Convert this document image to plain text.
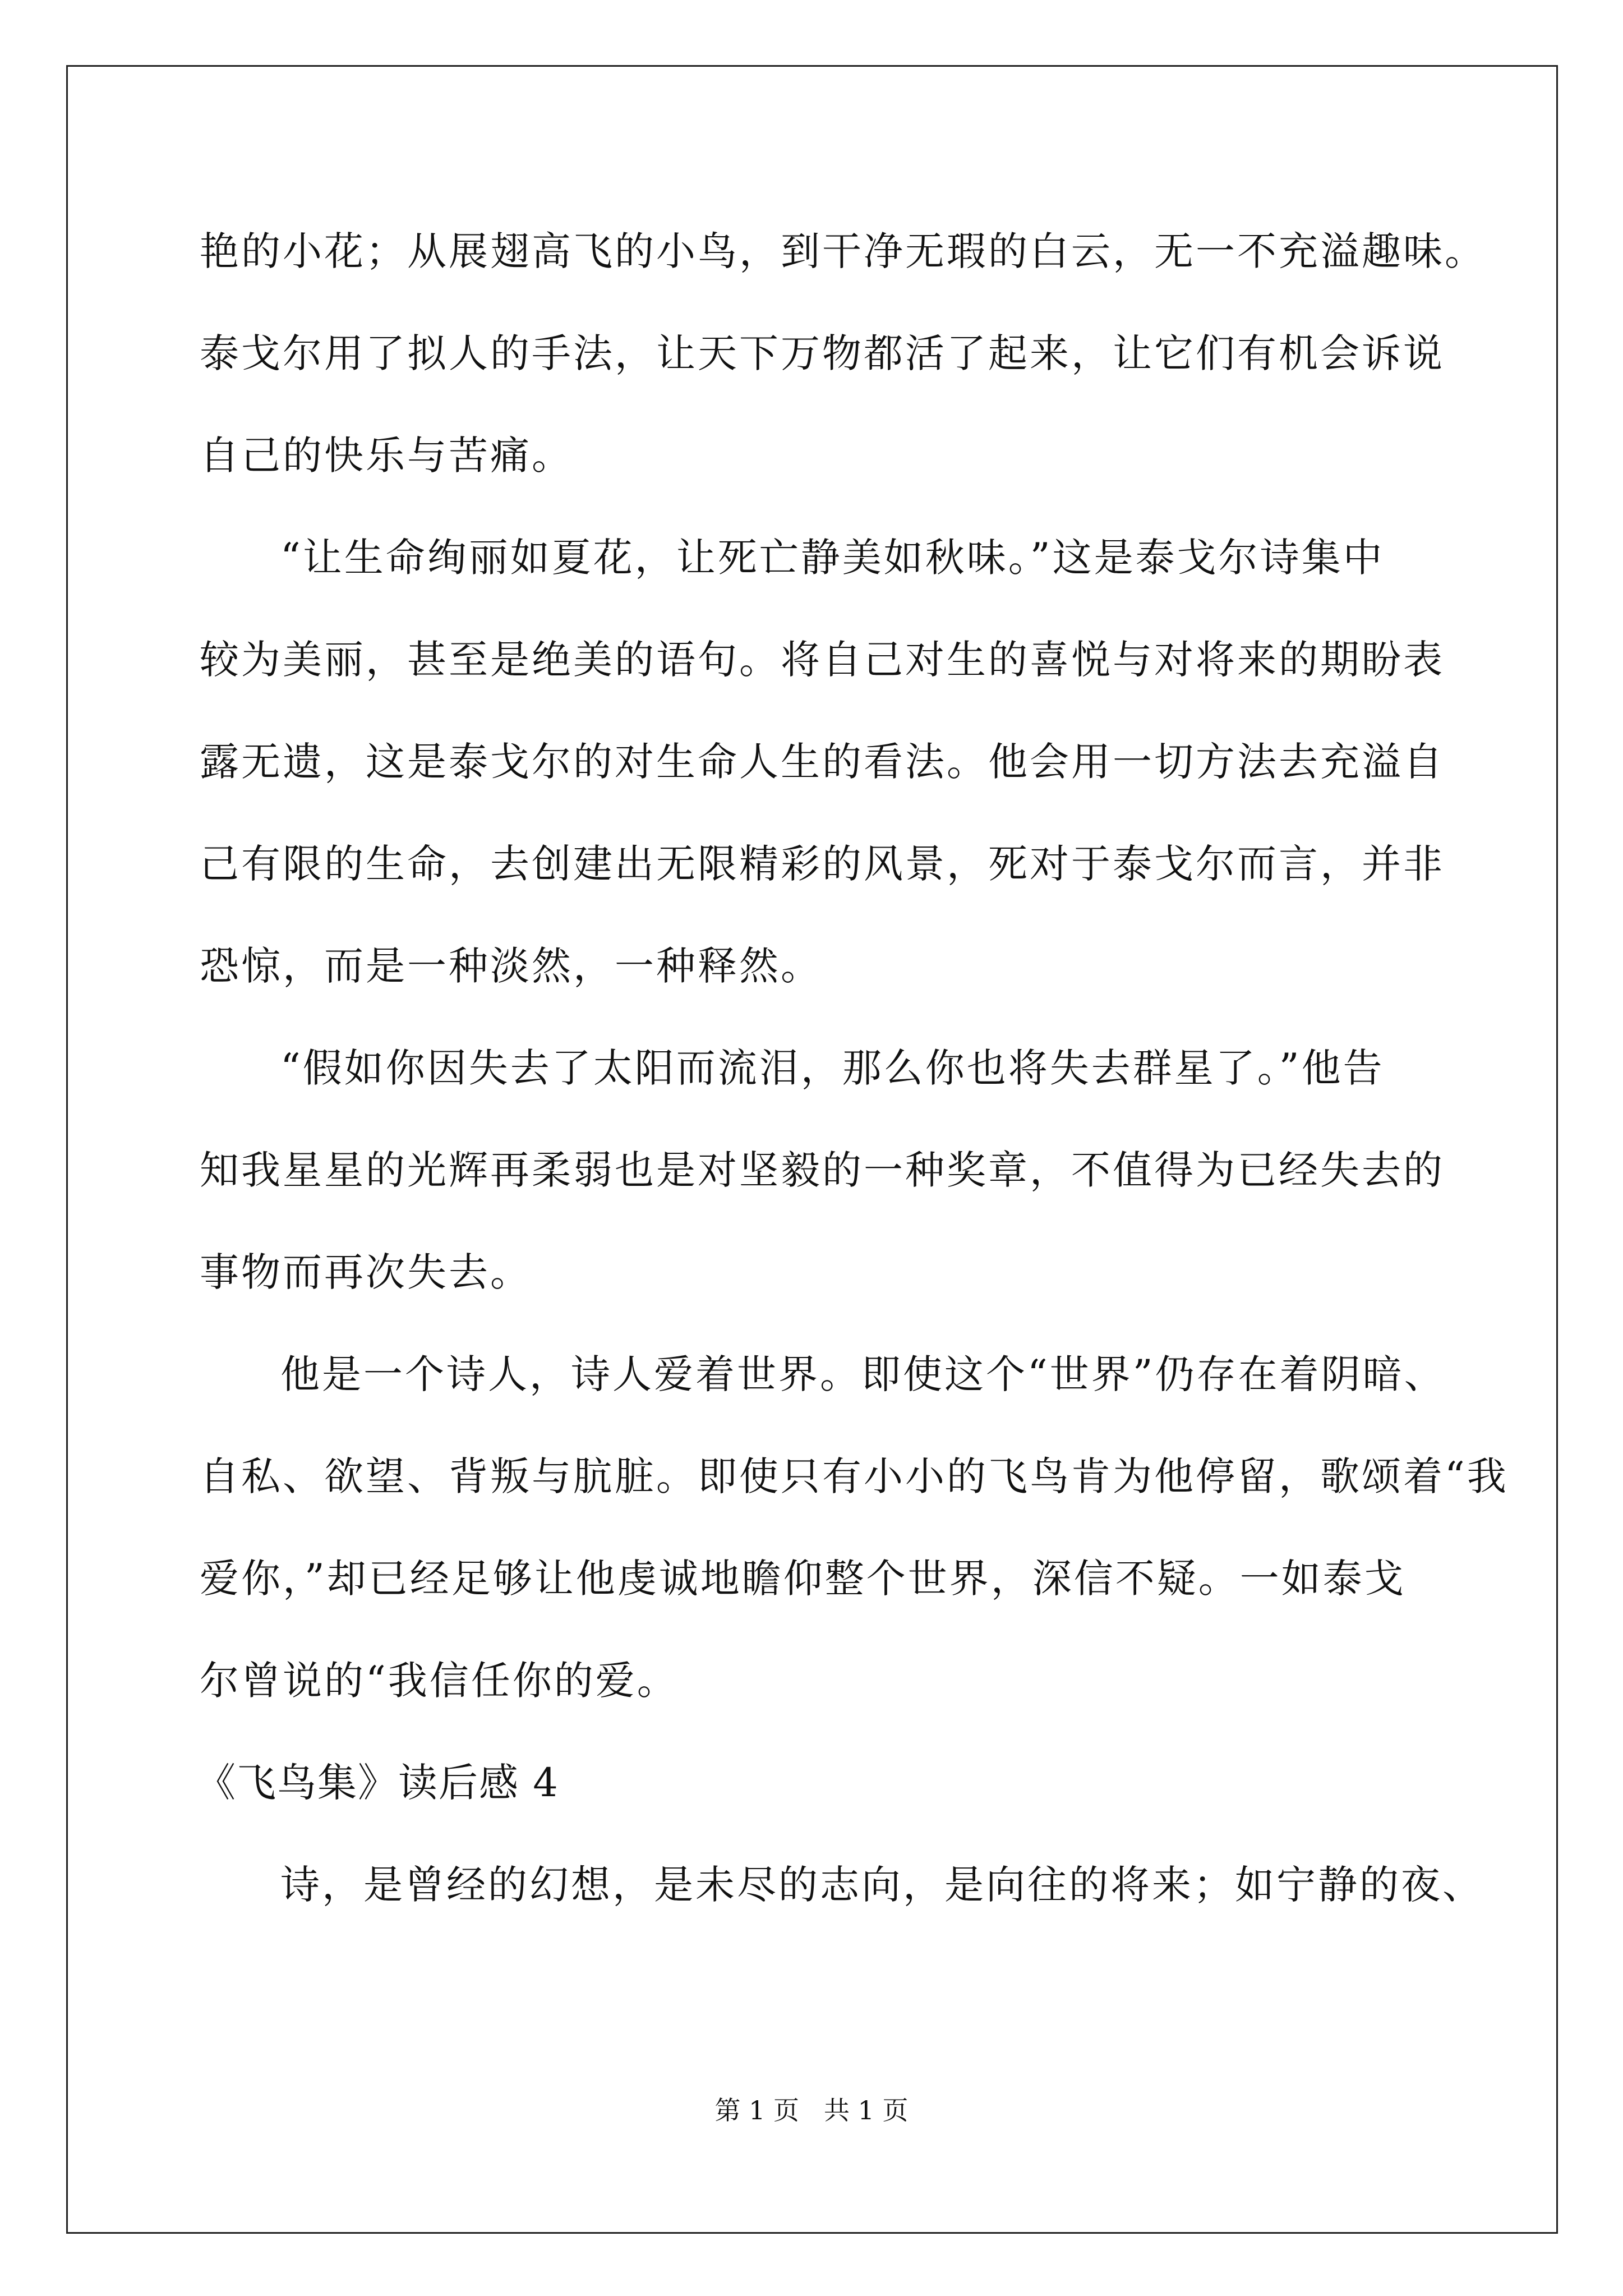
艳的小花；从展翅高飞的小鸟，到干净无瑕的白云，无一不充溢趣味。
泰戈尔用了拟人的手法，让天下万物都活了起来，让它们有机会诉说
自己的快乐与苦痛。
“让生命绚丽如夏花，让死亡静美如秋味。”这是泰戈尔诗集中
较为美丽，甚至是绝美的语句。将自己对生的喜悦与对将来的期盼表
露无遗，这是泰戈尔的对生命人生的看法。他会用一切方法去充溢自
己有限的生命，去创建出无限精彩的风景，死对于泰戈尔而言，并非
恐惊，而是一种淡然，一种释然。
“假如你因失去了太阳而流泪，那么你也将失去群星了。”他告
知我星星的光辉再柔弱也是对坚毅的一种奖章，不值得为已经失去的
事物而再次失去。
他是一个诗人，诗人爱着世界。即使这个“世界”仍存在着阴暗、
自私、欲望、背叛与肮脏。即使只有小小的飞鸟肯为他停留，歌颂着“我
爱你，”却已经足够让他虔诚地瞻仰整个世界，深信不疑。一如泰戈
尔曾说的“我信任你的爱。
《飞鸟集》读后感 4
诗，是曾经的幻想，是未尽的志向，是向往的将来；如宁静的夜、
第 1 页 共 1 页
